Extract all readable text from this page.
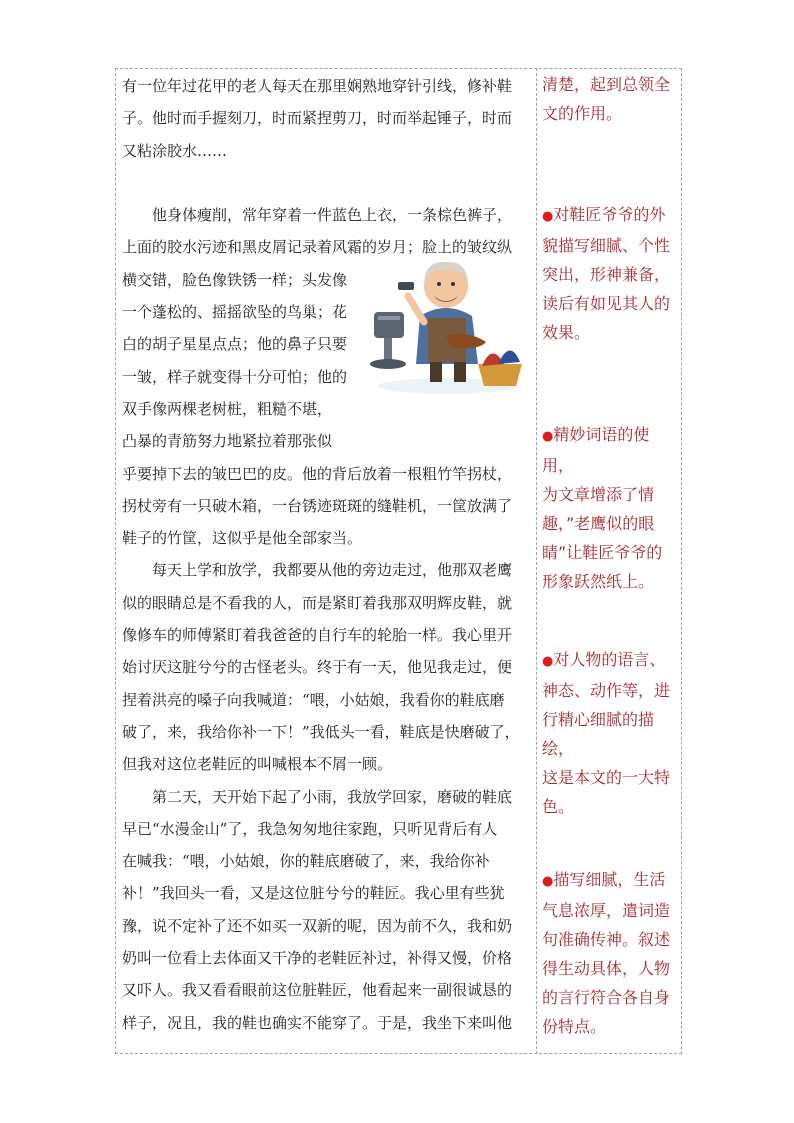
有一位年过花甲的老人每天在那里娴熟地穿针引线，修补鞋
子。他时而手握刻刀，时而紧捏剪刀，时而举起锤子，时而
又粘涂胶水……

　　他身体瘦削，常年穿着一件蓝色上衣，一条棕色裤子，
上面的胶水污迹和黑皮屑记录着风霜的岁月；脸上的皱纹纵
横交错，脸色像铁锈一样；头发像
一个蓬松的、摇摇欲坠的鸟巢；花
白的胡子星星点点；他的鼻子只要
一皱，样子就变得十分可怕；他的
双手像两棵老树桩，粗糙不堪，
凸暴的青筋努力地紧拉着那张似
乎要掉下去的皱巴巴的皮。他的背后放着一根粗竹竿拐杖，
拐杖旁有一只破木箱，一台锈迹斑斑的缝鞋机，一筐放满了
鞋子的竹筐，这似乎是他全部家当。
　　每天上学和放学，我都要从他的旁边走过，他那双老鹰
似的眼睛总是不看我的人，而是紧盯着我那双明辉皮鞋，就
像修车的师傅紧盯着我爸爸的自行车的轮胎一样。我心里开
始讨厌这脏兮兮的古怪老头。终于有一天，他见我走过，便
捏着洪亮的嗓子向我喊道：“喂，小姑娘，我看你的鞋底磨
破了，来，我给你补一下！”我低头一看，鞋底是快磨破了，
但我对这位老鞋匠的叫喊根本不屑一顾。
　　第二天，天开始下起了小雨，我放学回家，磨破的鞋底
早已“水漫金山”了，我急匆匆地往家跑，只听见背后有人
在喊我：“喂，小姑娘，你的鞋底磨破了，来，我给你补
补！”我回头一看，又是这位脏兮兮的鞋匠。我心里有些犹
豫，说不定补了还不如买一双新的呢，因为前不久，我和奶
奶叫一位看上去体面又干净的老鞋匠补过，补得又慢，价格
又吓人。我又看看眼前这位脏鞋匠，他看起来一副很诚恳的
样子，况且，我的鞋也确实不能穿了。于是，我坐下来叫他
清楚，起到总领全
文的作用。
●对鞋匠爷爷的外
貌描写细腻、个性
突出，形神兼备，
读后有如见其人的
效果。
●精妙词语的使用，
为文章增添了情
趣，”老鹰似的眼
睛”让鞋匠爷爷的
形象跃然纸上。
●对人物的语言、
神态、动作等，进
行精心细腻的描绘，
这是本文的一大特
色。
●描写细腻，生活
气息浓厚，遣词造
句准确传神。叙述
得生动具体，人物
的言行符合各自身
份特点。
